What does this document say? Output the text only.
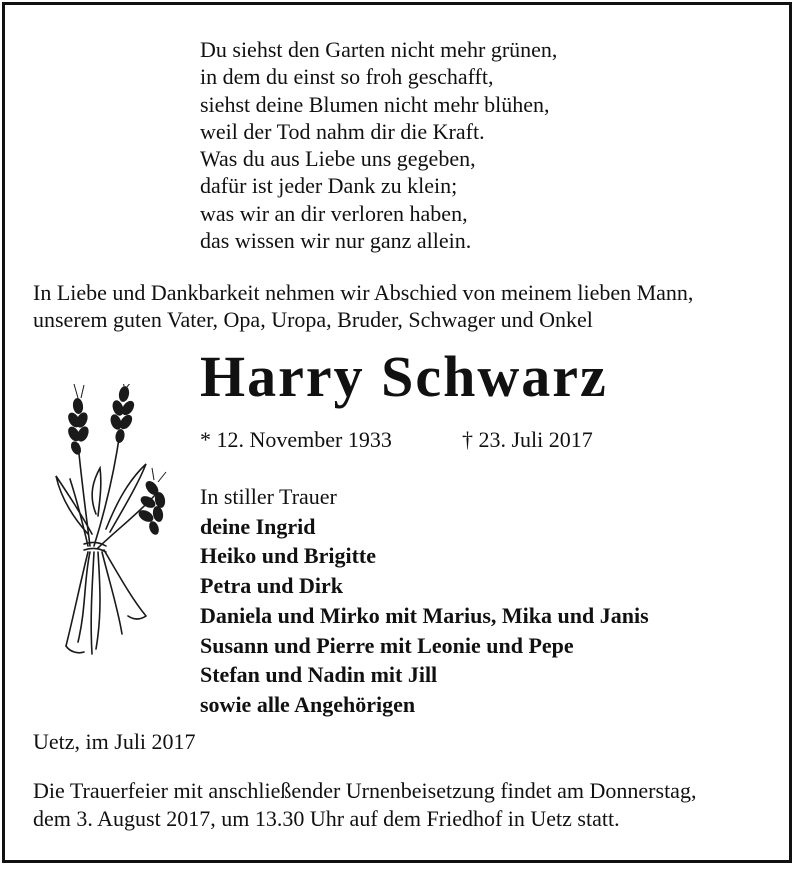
Du siehst den Garten nicht mehr grünen,
in dem du einst so froh geschafft,
siehst deine Blumen nicht mehr blühen,
weil der Tod nahm dir die Kraft.
Was du aus Liebe uns gegeben,
dafür ist jeder Dank zu klein;
was wir an dir verloren haben,
das wissen wir nur ganz allein.
In Liebe und Dankbarkeit nehmen wir Abschied von meinem lieben Mann,
unserem guten Vater, Opa, Uropa, Bruder, Schwager und Onkel
Harry Schwarz
* 12. November 1933	† 23. Juli 2017
In stiller Trauer
deine Ingrid
Heiko und Brigitte
Petra und Dirk
Daniela und Mirko mit Marius, Mika und Janis
Susann und Pierre mit Leonie und Pepe
Stefan und Nadin mit Jill
sowie alle Angehörigen
Uetz, im Juli 2017
Die Trauerfeier mit anschließender Urnenbeisetzung findet am Donnerstag,
dem 3. August 2017, um 13.30 Uhr auf dem Friedhof in Uetz statt.
